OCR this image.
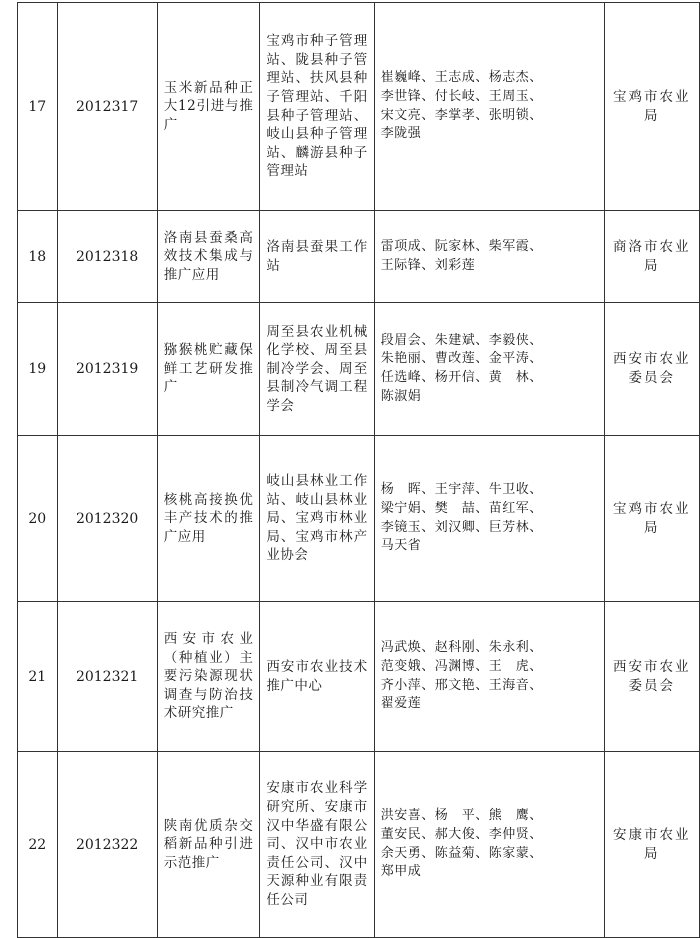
17	2012317	玉米新品种正大12引进与推广	宝鸡市种子管理站、陇县种子管理站、扶风县种子管理站、千阳县种子管理站、岐山县种子管理站、麟游县种子管理站	崔巍峰、王志成、杨志杰、
李世锋、付长岐、王周玉、
宋文亮、李掌孝、张明锁、
李陇强	宝鸡市农业局

18	2012318	洛南县蚕桑高效技术集成与推广应用	洛南县蚕果工作站	雷项成、阮家林、柴军霞、
王际锋、刘彩莲	商洛市农业局

19	2012319	猕猴桃贮藏保鲜工艺研发推广	周至县农业机械化学校、周至县制冷学会、周至县制冷气调工程学会	段眉会、朱建斌、李毅侠、
朱艳丽、曹改莲、金平涛、
任选峰、杨开信、黄　林、
陈淑娟	西安市农业委员会

20	2012320	核桃高接换优丰产技术的推广应用	岐山县林业工作站、岐山县林业局、宝鸡市林业局、宝鸡市林产业协会	杨　晖、王宇萍、牛卫收、
梁宁娟、樊　喆、苗红军、
李镜玉、刘汉卿、巨芳林、
马天省	宝鸡市农业局

21	2012321	西安市农业（种植业）主要污染源现状调查与防治技术研究推广	西安市农业技术推广中心	冯武焕、赵科刚、朱永利、
范变娥、冯渊博、王　虎、
齐小萍、邢文艳、王海音、
翟爱莲	西安市农业委员会

22	2012322	陕南优质杂交稻新品种引进示范推广	安康市农业科学研究所、安康市汉中华盛有限公司、汉中市农业责任公司、汉中天源种业有限责任公司	洪安喜、杨　平、熊　鹰、
董安民、郝大俊、李仲贤、
余天勇、陈益菊、陈家蒙、
郑甲成	安康市农业局
